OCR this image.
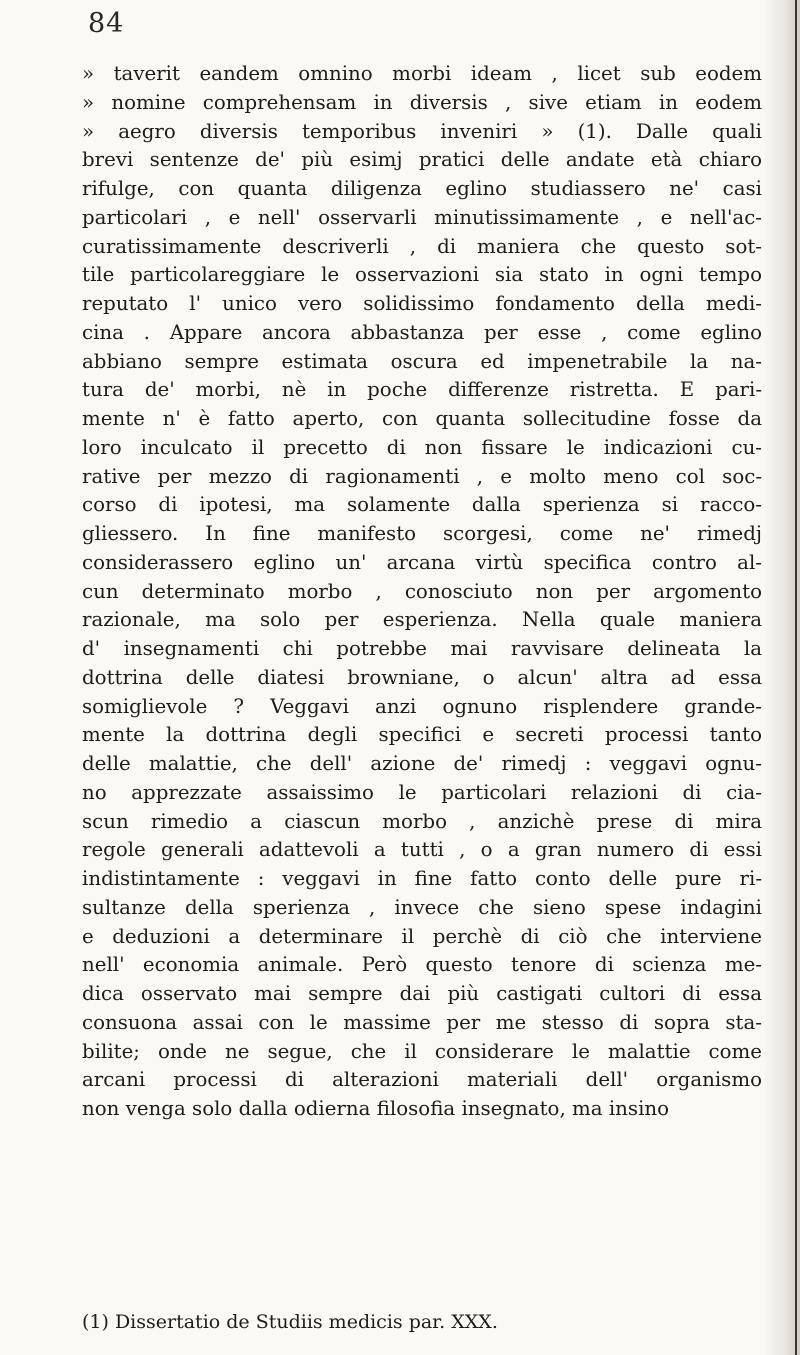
84
» taverit eandem omnino morbi ideam , licet sub eodem
» nomine comprehensam in diversis , sive etiam in eodem
» aegro diversis temporibus inveniri » (1). Dalle quali
brevi sentenze de' più esimj pratici delle andate età chiaro
rifulge, con quanta diligenza eglino studiassero ne' casi
particolari , e nell' osservarli minutissimamente , e nell'ac-
curatissimamente descriverli , di maniera che questo sot-
tile particolareggiare le osservazioni sia stato in ogni tempo
reputato l' unico vero solidissimo fondamento della medi-
cina . Appare ancora abbastanza per esse , come eglino
abbiano sempre estimata oscura ed impenetrabile la na-
tura de' morbi, nè in poche differenze ristretta. E pari-
mente n' è fatto aperto, con quanta sollecitudine fosse da
loro inculcato il precetto di non fissare le indicazioni cu-
rative per mezzo di ragionamenti , e molto meno col soc-
corso di ipotesi, ma solamente dalla sperienza si racco-
gliessero. In fine manifesto scorgesi, come ne' rimedj
considerassero eglino un' arcana virtù specifica contro al-
cun determinato morbo , conosciuto non per argomento
razionale, ma solo per esperienza. Nella quale maniera
d' insegnamenti chi potrebbe mai ravvisare delineata la
dottrina delle diatesi browniane, o alcun' altra ad essa
somiglievole ? Veggavi anzi ognuno risplendere grande-
mente la dottrina degli specifici e secreti processi tanto
delle malattie, che dell' azione de' rimedj : veggavi ognu-
no apprezzate assaissimo le particolari relazioni di cia-
scun rimedio a ciascun morbo , anzichè prese di mira
regole generali adattevoli a tutti , o a gran numero di essi
indistintamente : veggavi in fine fatto conto delle pure ri-
sultanze della sperienza , invece che sieno spese indagini
e deduzioni a determinare il perchè di ciò che interviene
nell' economia animale. Però questo tenore di scienza me-
dica osservato mai sempre dai più castigati cultori di essa
consuona assai con le massime per me stesso di sopra sta-
bilite; onde ne segue, che il considerare le malattie come
arcani processi di alterazioni materiali dell' organismo
non venga solo dalla odierna filosofia insegnato, ma insino
(1) Dissertatio de Studiis medicis par. XXX.
